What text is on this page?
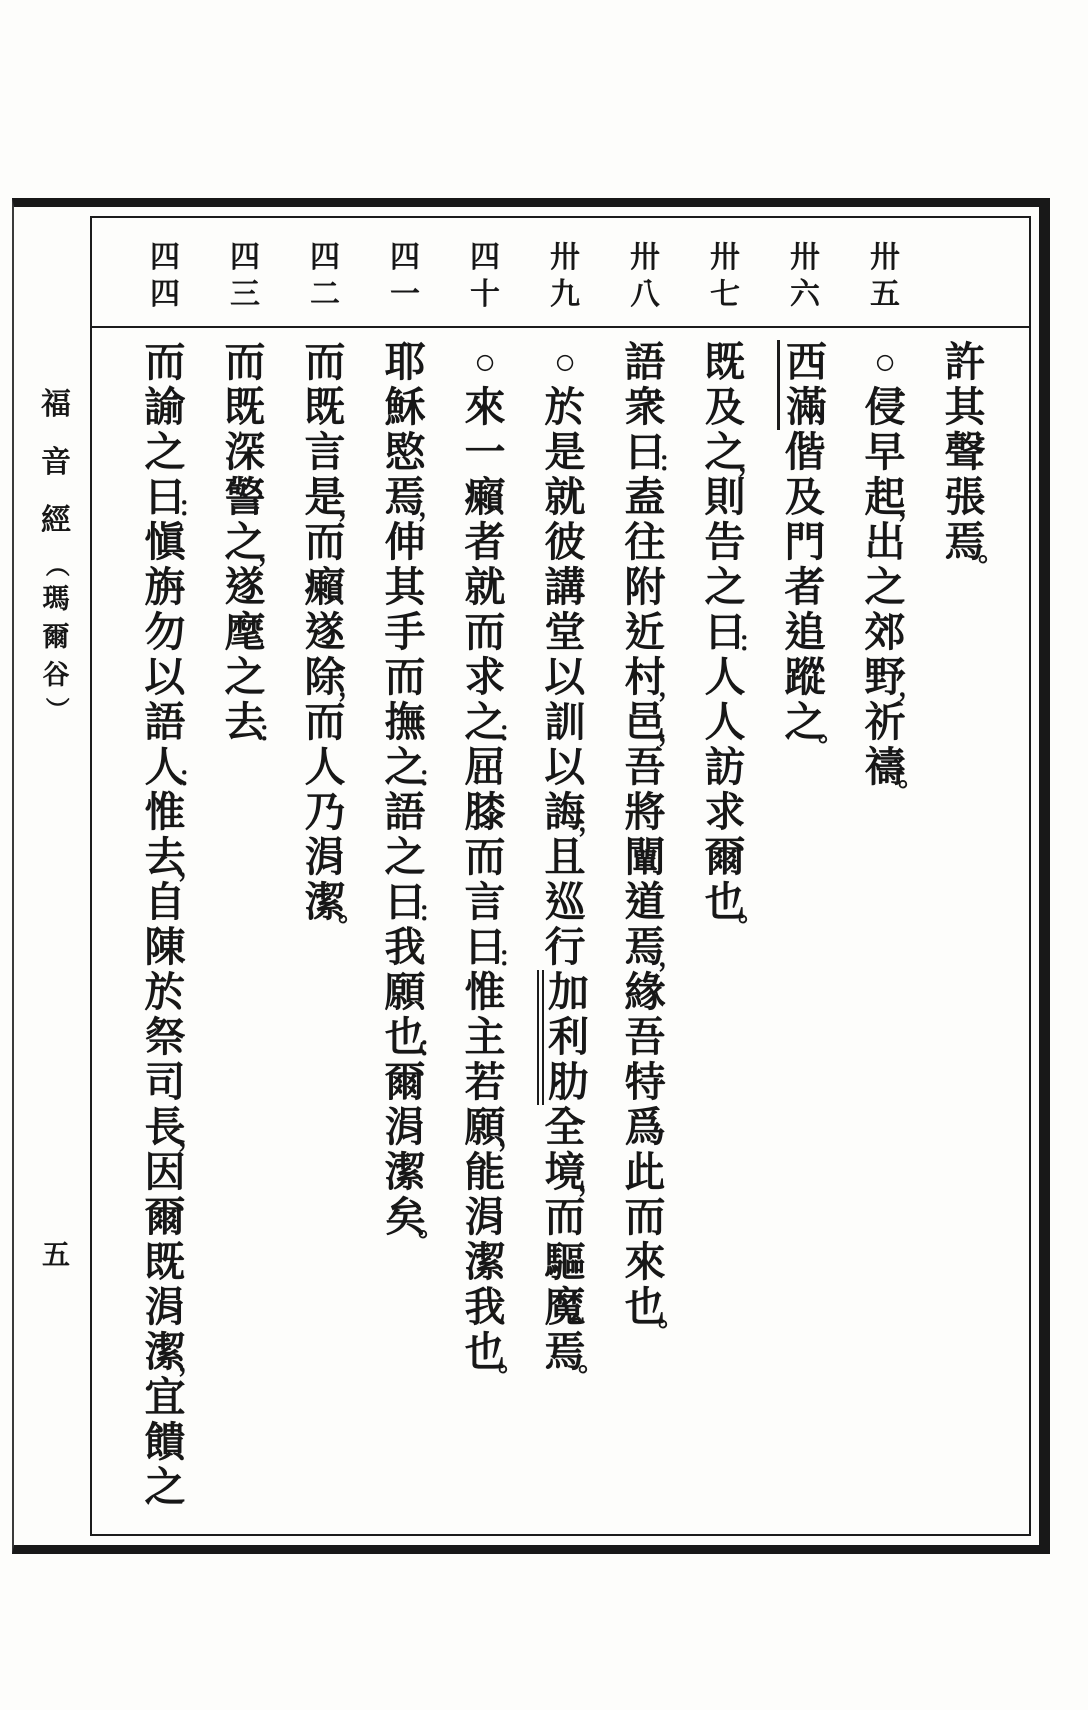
卅
五
卅
六
卅
七
卅
八
卅
九
四
十
四
一
四
二
四
三
四
四
許
其
聲
張
焉
。
○
侵
早
起
，
出
之
郊
野
，
祈
禱
。
西
滿
偕
及
門
者
追
蹤
之
。
既
及
之
，
則
告
之
曰
：
人
人
訪
求
爾
也
。
語
衆
曰
：
盍
往
附
近
村
，
邑
，
吾
將
闡
道
焉
，
緣
吾
特
爲
此
而
來
也
。
○
於
是
就
彼
講
堂
以
訓
以
誨
，
且
巡
行
加
利
肋
全
境
，
而
驅
魔
焉
。
○
來
一
癩
者
就
而
求
之
：
屈
膝
而
言
曰
：
惟
主
若
願
，
能
涓
潔
我
也
。
耶
穌
愍
焉
，
伸
其
手
而
撫
之
：
語
之
曰
：
我
願
也
：
爾
涓
潔
矣
。
而
既
言
是
，
而
癩
遂
除
，
而
人
乃
涓
潔
。
而
既
深
警
之
，
遂
麾
之
去
：
而
諭
之
曰
：
愼
旃
勿
以
語
人
：
惟
去
，
自
陳
於
祭
司
長
，
因
爾
既
涓
潔
，
宜
饋
之
福
音
經
（
瑪
爾
谷
）
五
